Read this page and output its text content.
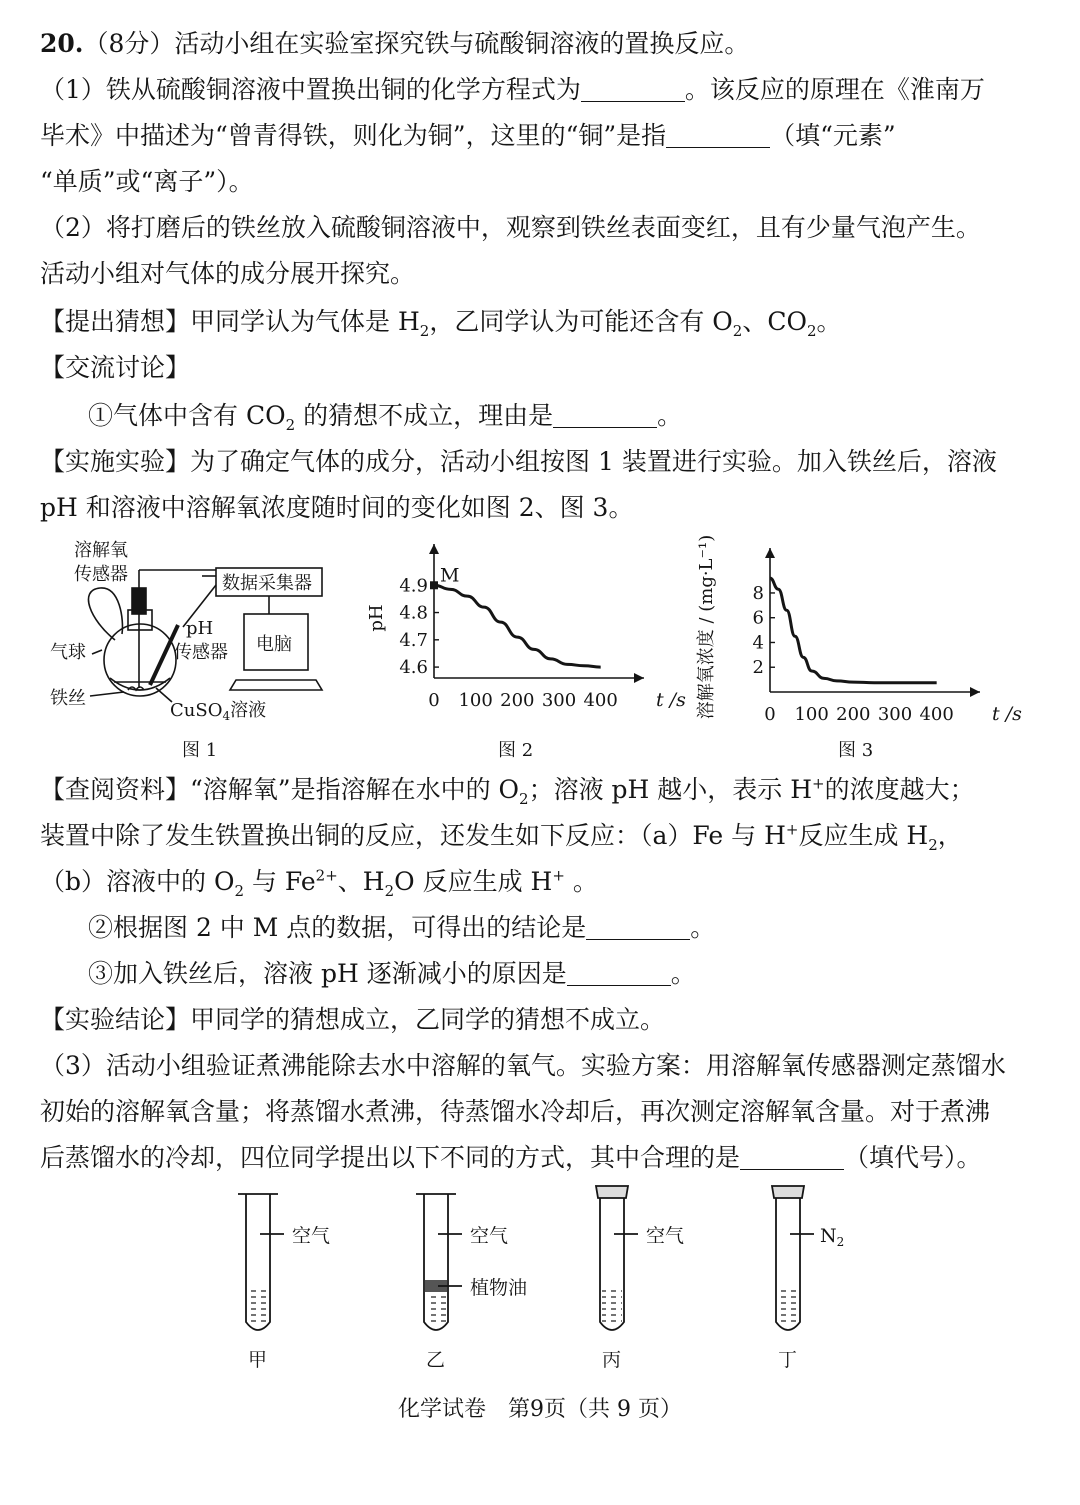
20.（8分）活动小组在实验室探究铁与硫酸铜溶液的置换反应。
（1）铁从硫酸铜溶液中置换出铜的化学方程式为	。该反应的原理在《淮南万
毕术》中描述为“曾青得铁，则化为铜”，这里的“铜”是指	（填“元素”
“单质”或“离子”）。
（2）将打磨后的铁丝放入硫酸铜溶液中，观察到铁丝表面变红，且有少量气泡产生。
活动小组对气体的成分展开探究。
【提出猜想】甲同学认为气体是 $H_2$，乙同学认为可能还含有 $O_2$、$CO_2$。
【交流讨论】
①气体中含有 $CO_2$ 的猜想不成立，理由是	。
【实施实验】为了确定气体的成分，活动小组按图 1 装置进行实验。加入铁丝后，溶液
pH 和溶液中溶解氧浓度随时间的变化如图 2、图 3。
溶解氧
传感器	数据采集器
气球
pH
传感器 电脑
铁丝
CuSO$_4$溶液
图 1
0 100 200 300 400 t /s
4.6
4.7
4.8
4.9
pH
M
图 2
0 100 200 300 400 t /s
2
4
6
8
溶解氧浓度 / (mg·L⁻¹)
图 3
【查阅资料】“溶解氧”是指溶解在水中的 $O_2$；溶液 pH 越小，表示 H+的浓度越大；
装置中除了发生铁置换出铜的反应，还发生如下反应：（a）Fe 与 H+反应生成 $H_2$，
（b）溶液中的 $O_2$ 与 $Fe^{2+}$、$H_2O$ 反应生成 H+ 。
②根据图 2 中 M 点的数据，可得出的结论是	。
③加入铁丝后，溶液 pH 逐渐减小的原因是	。
【实验结论】甲同学的猜想成立，乙同学的猜想不成立。
（3）活动小组验证煮沸能除去水中溶解的氧气。实验方案：用溶解氧传感器测定蒸馏水
初始的溶解氧含量；将蒸馏水煮沸，待蒸馏水冷却后，再次测定溶解氧含量。对于煮沸
后蒸馏水的冷却，四位同学提出以下不同的方式，其中合理的是	（填代号）。
空气	空气
植物油
空气	$N_2$
甲	乙	丙	丁
化学试卷　第9页（共 9 页）
